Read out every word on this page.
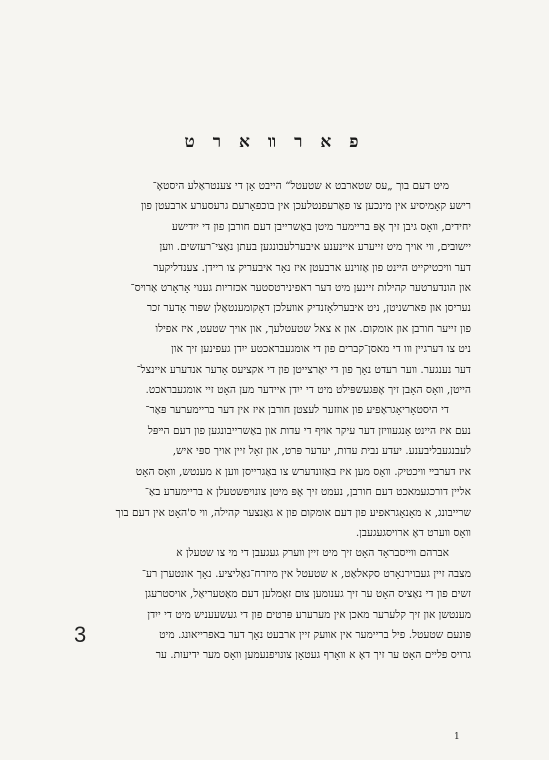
פ א ר װ א ר ט

מיט דעם בוך „עס שטארבט א שטעטל“ הייבט אָן די צענטראַלע היסטאָ־
רישע קאָמיסיע אין מינכען צו פאַרעפנטלעכן אין בוכפאָרעם גרעסערע ארבעטן פון
יחידים, װאָס גיבן זיך אָפּ בריימער מיטן באַשרייבן דעם חורבן פון די ייִדישע
יישובים, װי אויך מיט זייערע איינענע איבערלעבונגען בעתן נאַצי־רעזשים. װען
דער װיכטיקייט היינט פון אַזוינע ארבעטן איז נאָר איבעריק צו ריידן. צענדליקער
און הונדערטער קהילות זיינען מיט דער ראפינירטסטער אכזריות גענוי אָראָרט אַרױס־
נעריסן און פארשניטן, ניט איבערלאָזנדיק אװעלכן דאָקומענטאַלן שפּור אָדער זכר
פון זייער חורבן און אומקום. און א צאל שטעטלעך, און אויך שטעט, איז אפילו
ניט צו דערגיין װו די מאסן־קברים פון די אומגעבראכטע ייִדן געפינען זיך און
דער נענגער. װער רעדט נאָך פון די יאַרצייטן פון די אקציעס אָדער אנדערע איינצל־
הייטן, װאָס האָבן זיך אָפּגעשפּילט מיט די ייִדן איידער מען האָט זיי אומגעבראכט.

די היסטאָריאָגראַפיע פון אוזזער לעצטן חורבן איז אין דער בריימערער פּאַר־
נעם איז היינט אָנגעװיזן דער עיקר אויף די עדות און באַשרייבונגען פון דעם הײפּל
לעבנגעבליבענע. יעדע נבית עדות, יעדער פּרט, און זאָל זיין אויך ספּי איש,
איז דערבײ װיכטיק. װאָס מען איז באַזונדערש צו באַגרייסן װען א מענטש, װאָס האָט
אליין דורכגעמאכט דעם חורבן, נעמט זיך אָפּ מיטן צונויפשטעלן א בריימערע באַ־
שרייבונג, א מאָנאָגראפיע פון דעם אומקום פון א גאַנצער קהילה, װי ס'האָט אין דעם בוך
װאָס װערט דאָ ארויסגעגעבן.

אברהם װייסבראָד האָט זיך מיט זיין װערק געגעבן די מי צו שטעלן א
מצבה זיין געבוירנאָרט סקאלאַט, א שטעטל אין מיזרח־גאַליציע. נאָך אונטערן רע־
זשים פון די נאַציס האָט ער זיך גענומען צום זאַמלען דעם מאַטעריאַל, אויסטרעגן
מענטשן און זיך קלערער מאכן אין מערערע פּרטים פון די געשעעניש מיט די ייִדן
פּונעם שטעטל. פיל בריימער אין אװעק זיין ארבעט נאָך דער באפרייאונג. מיט
גרויס פליים האָט ער זיך דאָ א װאָרף געטאָן צונויפנעמען װאָס מער ידיעות. ער

3
1
